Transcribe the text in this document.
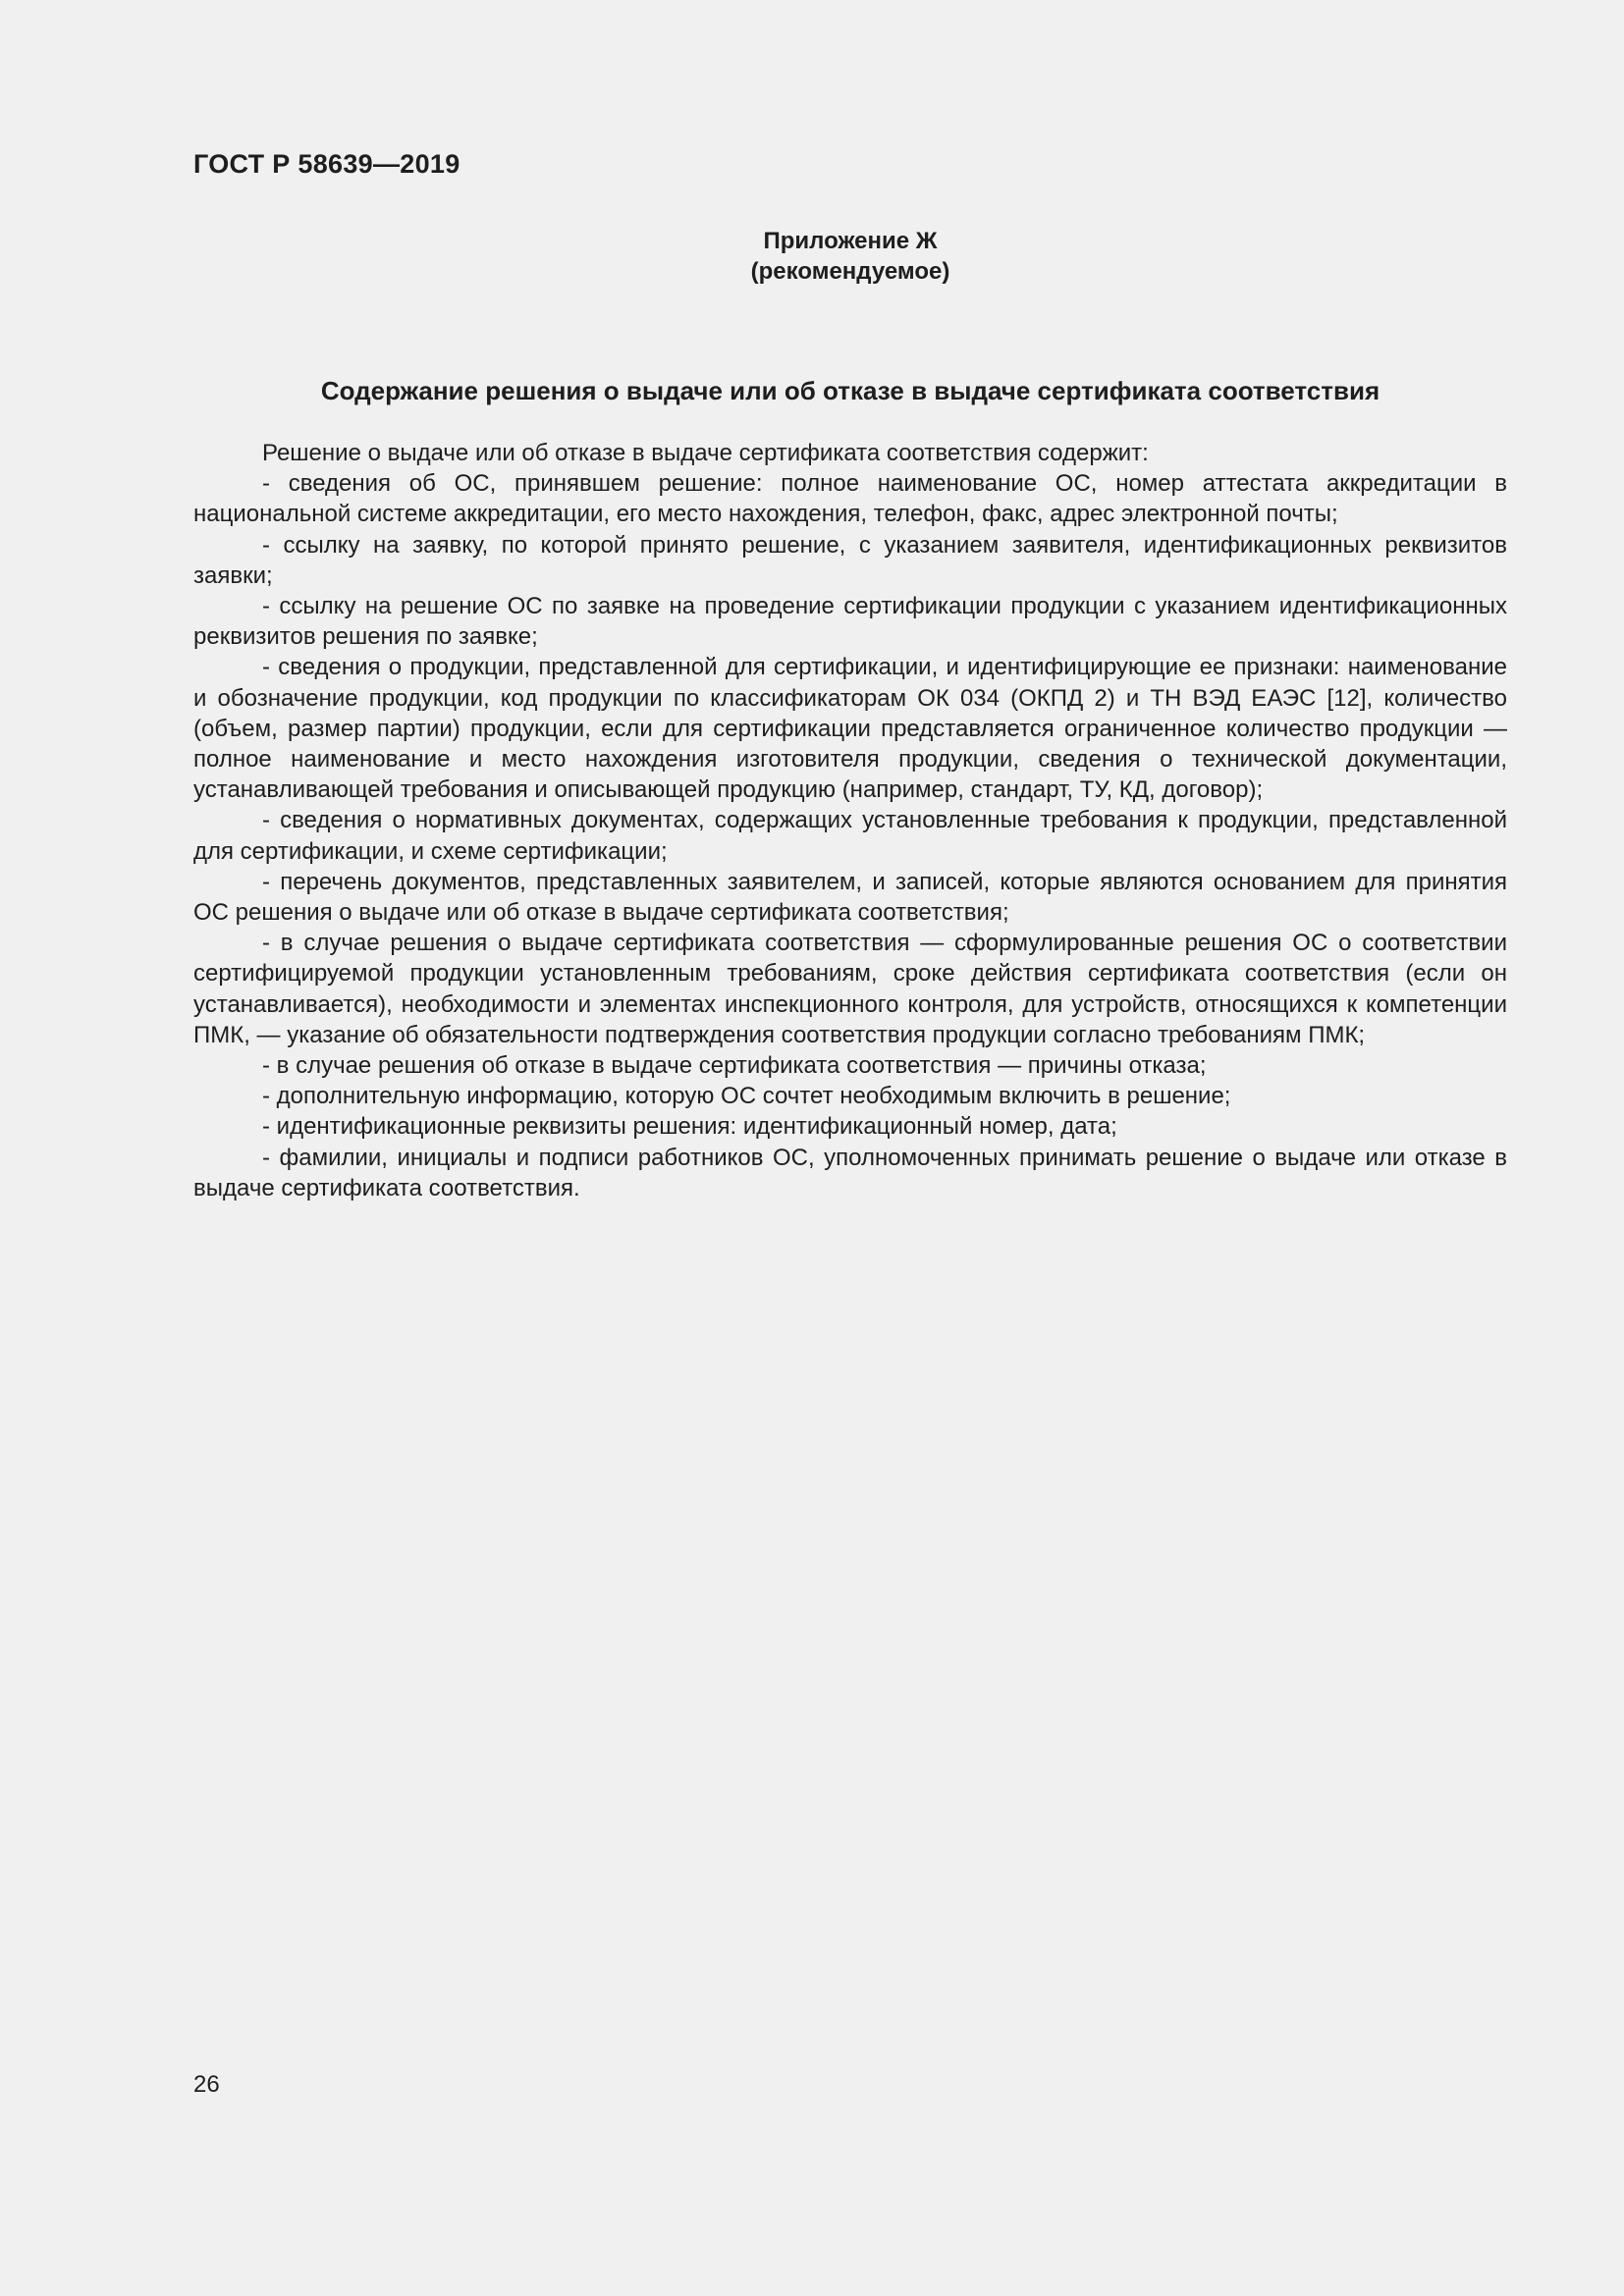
ГОСТ Р 58639—2019

Приложение Ж
(рекомендуемое)
Содержание решения о выдаче или об отказе в выдаче сертификата соответствия

Решение о выдаче или об отказе в выдаче сертификата соответствия содержит:

- сведения об ОС, принявшем решение: полное наименование ОС, номер аттестата аккредитации в национальной системе аккредитации, его место нахождения, телефон, факс, адрес электронной почты;

- ссылку на заявку, по которой принято решение, с указанием заявителя, идентификационных реквизитов заявки;

- ссылку на решение ОС по заявке на проведение сертификации продукции с указанием идентификационных реквизитов решения по заявке;

- сведения о продукции, представленной для сертификации, и идентифицирующие ее признаки: наименование и обозначение продукции, код продукции по классификаторам ОК 034 (ОКПД 2) и ТН ВЭД ЕАЭС [12], количество (объем, размер партии) продукции, если для сертификации представляется ограниченное количество продукции — полное наименование и место нахождения изготовителя продукции, сведения о технической документации, устанавливающей требования и описывающей продукцию (например, стандарт, ТУ, КД, договор);

- сведения о нормативных документах, содержащих установленные требования к продукции, представленной для сертификации, и схеме сертификации;

- перечень документов, представленных заявителем, и записей, которые являются основанием для принятия ОС решения о выдаче или об отказе в выдаче сертификата соответствия;

- в случае решения о выдаче сертификата соответствия — сформулированные решения ОС о соответствии сертифицируемой продукции установленным требованиям, сроке действия сертификата соответствия (если он устанавливается), необходимости и элементах инспекционного контроля, для устройств, относящихся к компетенции ПМК, — указание об обязательности подтверждения соответствия продукции согласно требованиям ПМК;

- в случае решения об отказе в выдаче сертификата соответствия — причины отказа;

- дополнительную информацию, которую ОС сочтет необходимым включить в решение;

- идентификационные реквизиты решения: идентификационный номер, дата;

- фамилии, инициалы и подписи работников ОС, уполномоченных принимать решение о выдаче или отказе в выдаче сертификата соответствия.

26
